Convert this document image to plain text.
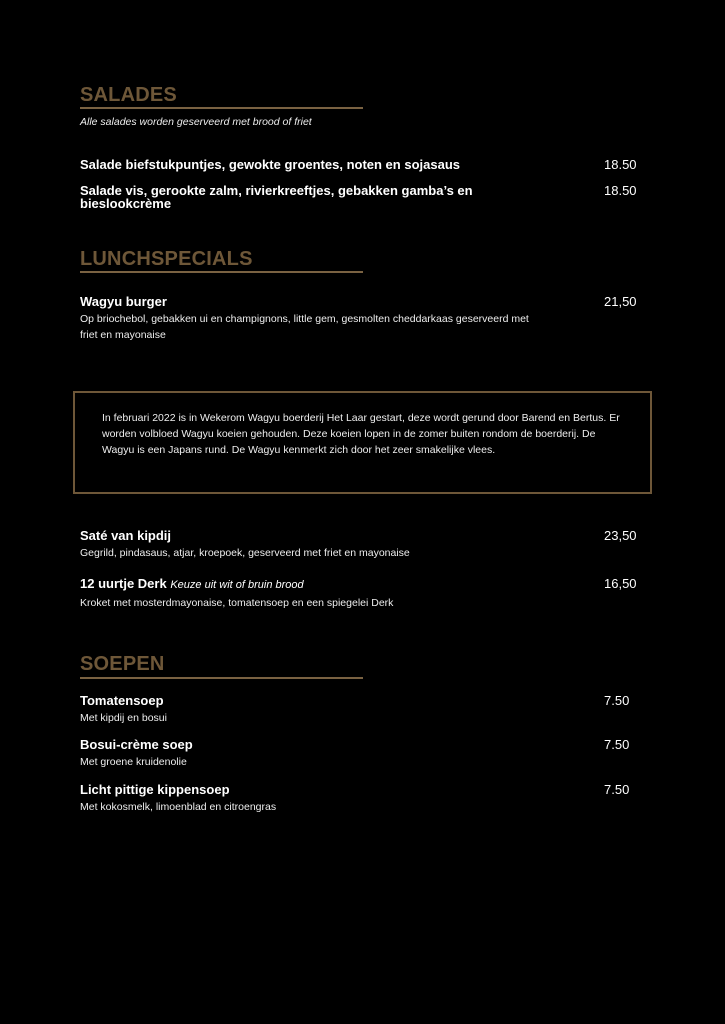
SALADES
Alle salades worden geserveerd met brood of friet
Salade biefstukpuntjes, gewokte groentes, noten en sojasaus	18.50
Salade vis, gerookte zalm, rivierkreeftjes, gebakken gamba’s en bieslookcrème
18.50
LUNCHSPECIALS
Wagyu burger
Op briochebol, gebakken ui en champignons, little gem, gesmolten cheddarkaas geserveerd met friet en mayonaise
21,50

In februari 2022 is in Wekerom Wagyu boerderij Het Laar gestart, deze wordt gerund door Barend en Bertus. Er worden volbloed Wagyu koeien gehouden. Deze koeien lopen in de zomer buiten rondom de boerderij. De Wagyu is een Japans rund. De Wagyu kenmerkt zich door het zeer smakelijke vlees.

Saté van kipdij
Gegrild, pindasaus, atjar, kroepoek, geserveerd met friet en mayonaise
23,50
12 uurtje Derk Keuze uit wit of bruin brood
Kroket met mosterdmayonaise, tomatensoep en een spiegelei Derk
16,50
SOEPEN
Tomatensoep
Met kipdij en bosui
7.50
Bosui-crème soep
Met groene kruidenolie
7.50
Licht pittige kippensoep
Met kokosmelk, limoenblad en citroengras
7.50
